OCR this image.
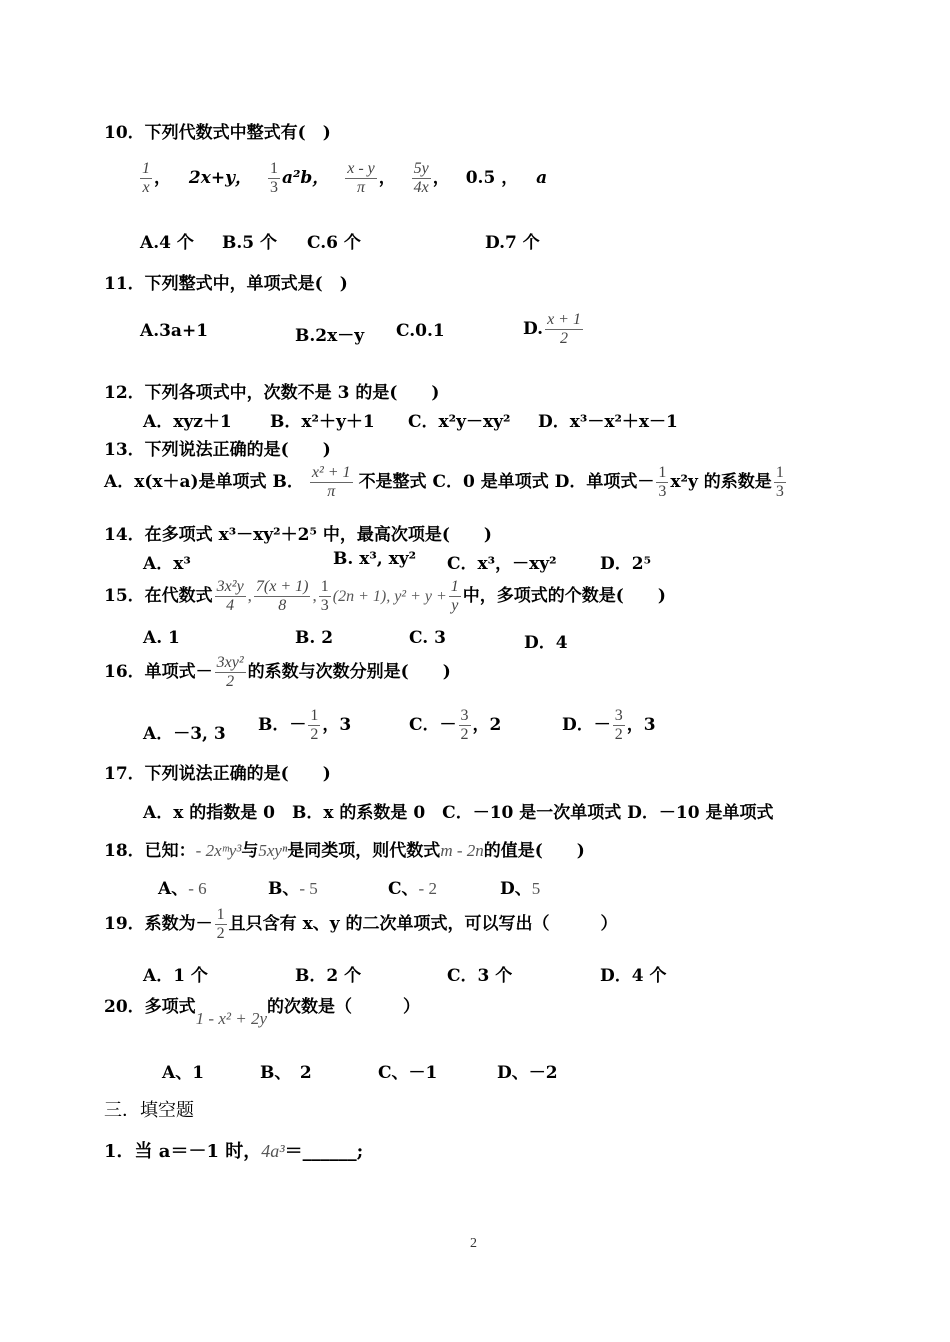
10．下列代数式中整式有(　)
$\frac{1}{x}$ ， 2x+y， $\frac{1}{3} a^2b$， $\frac{x - y}{\pi}$ ， $\frac{5y}{4x}$ ， 0.5 ， a
A.4 个 B.5 个 C.6 个	D.7 个
11．下列整式中，单项式是(　)
A.3a+1	B.2x－y C.0.1	D. $\frac{x + 1}{2}$
12．下列各项式中，次数不是 3 的是(　　)
A．xyz＋1 B．x²＋y＋1 C．x²y－xy² D．x³－x²＋x－1
13．下列说法正确的是(　　)
A．x(x＋a)是单项式 B． $\frac{\text{x² + 1}}{\pi}$ 不是整式 C．0 是单项式 D．单项式－ $\frac{1}{3} x^2y$ 的系数是 $\frac{1}{3}$
14．在多项式 x³－xy²＋2⁵ 中，最高次项是(　　)
A．x³	B. x³, xy² C．x³，－xy²	D．2⁵
15．在代数式 $\frac{\text{3x²y}}{4}$ , $\frac{7(x + 1)}{8}$ , $\frac{1}{3} (2n + 1)$, $y^2 + y + \frac{1}{y}$ 中，多项式的个数是(　　)
A. 1	B. 2	C. 3	D．4
16．单项式－ $\frac{\text{3xy²}}{2}$ 的系数与次数分别是(　　)
A．－3, 3 B．－ $\frac{1}{2}$ ，3	C．－ $\frac{3}{2}$ ，2	D．－ $\frac{3}{2}$ ，3
17．下列说法正确的是(　　)
A．x 的指数是 0　B．x 的系数是 0　C．－10 是一次单项式 D．－10 是单项式
18．已知：- 2xᵐy³与5xyⁿ是同类项，则代数式m - 2n的值是(　　)
A、- 6	B、- 5	C、- 2	D、5
19．系数为－ $\frac{1}{2}$ 且只含有 x、y 的二次单项式，可以写出（　　　）
A．1 个	B．2 个	C．3 个	D．4 个
20．多项式1 - x² + 2y的次数是（　　　）
A、1	B、　2	C、－1	D、－2
三．填空题
1．当 a＝－1 时，4a³＝______;
2
